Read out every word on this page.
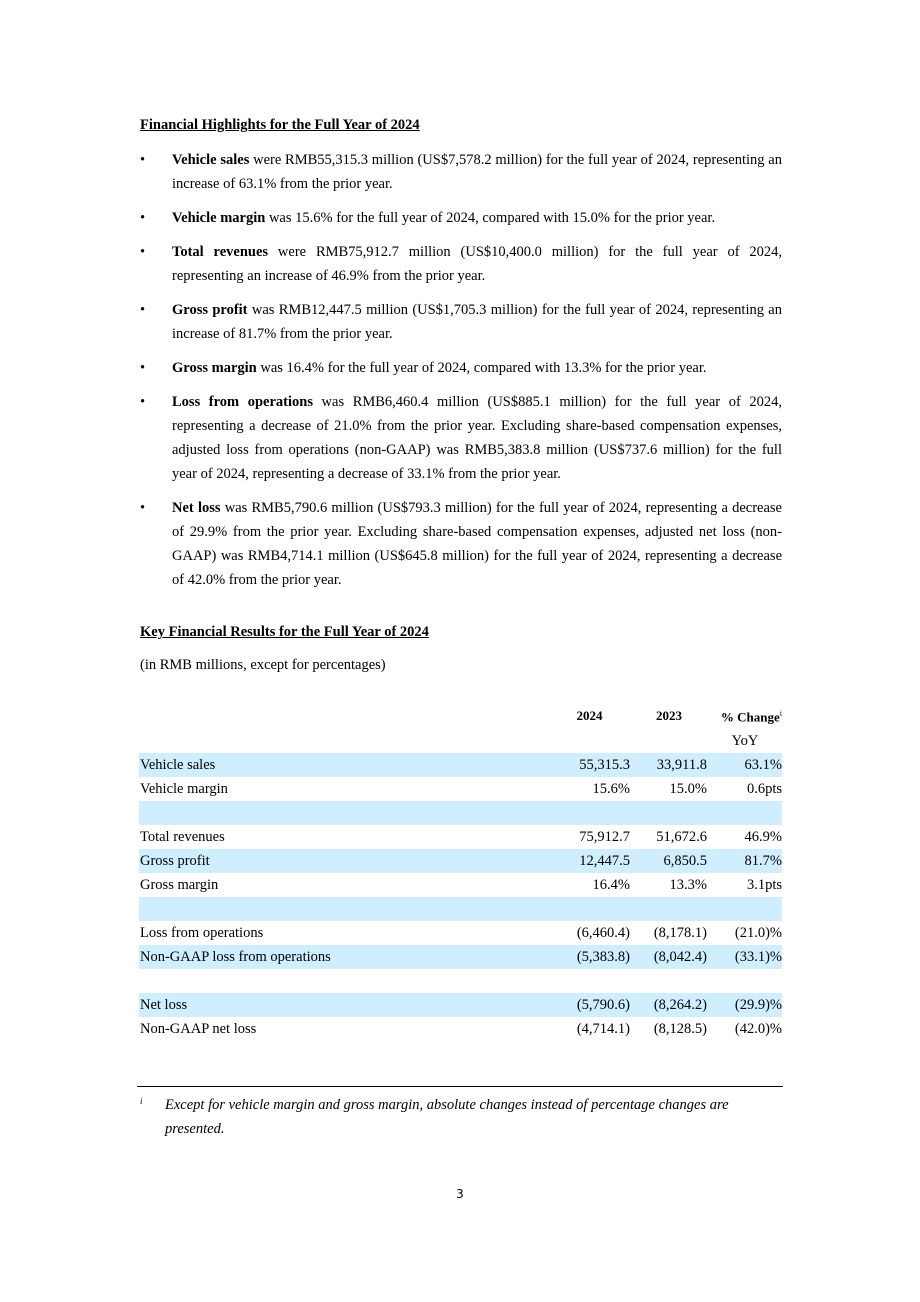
Financial Highlights for the Full Year of 2024
• Vehicle sales were RMB55,315.3 million (US$7,578.2 million) for the full year of 2024, representing an increase of 63.1% from the prior year.
• Vehicle margin was 15.6% for the full year of 2024, compared with 15.0% for the prior year.
• Total revenues were RMB75,912.7 million (US$10,400.0 million) for the full year of 2024, representing an increase of 46.9% from the prior year.
• Gross profit was RMB12,447.5 million (US$1,705.3 million) for the full year of 2024, representing an increase of 81.7% from the prior year.
• Gross margin was 16.4% for the full year of 2024, compared with 13.3% for the prior year.
• Loss from operations was RMB6,460.4 million (US$885.1 million) for the full year of 2024, representing a decrease of 21.0% from the prior year. Excluding share-based compensation expenses, adjusted loss from operations (non-GAAP) was RMB5,383.8 million (US$737.6 million) for the full year of 2024, representing a decrease of 33.1% from the prior year.
• Net loss was RMB5,790.6 million (US$793.3 million) for the full year of 2024, representing a decrease of 29.9% from the prior year. Excluding share-based compensation expenses, adjusted net loss (non-GAAP) was RMB4,714.1 million (US$645.8 million) for the full year of 2024, representing a decrease of 42.0% from the prior year.
Key Financial Results for the Full Year of 2024
(in RMB millions, except for percentages)
	2024	2023	% Change$^i$
			YoY
Vehicle sales	55,315.3	33,911.8	63.1%
Vehicle margin	15.6%	15.0%	0.6pts

Total revenues	75,912.7	51,672.6	46.9%
Gross profit	12,447.5	6,850.5	81.7%
Gross margin	16.4%	13.3%	3.1pts

Loss from operations	(6,460.4)	(8,178.1)	(21.0)%
Non-GAAP loss from operations	(5,383.8)	(8,042.4)	(33.1)%

Net loss	(5,790.6)	(8,264.2)	(29.9)%
Non-GAAP net loss	(4,714.1)	(8,128.5)	(42.0)%
i Except for vehicle margin and gross margin, absolute changes instead of percentage changes are presented.
3
